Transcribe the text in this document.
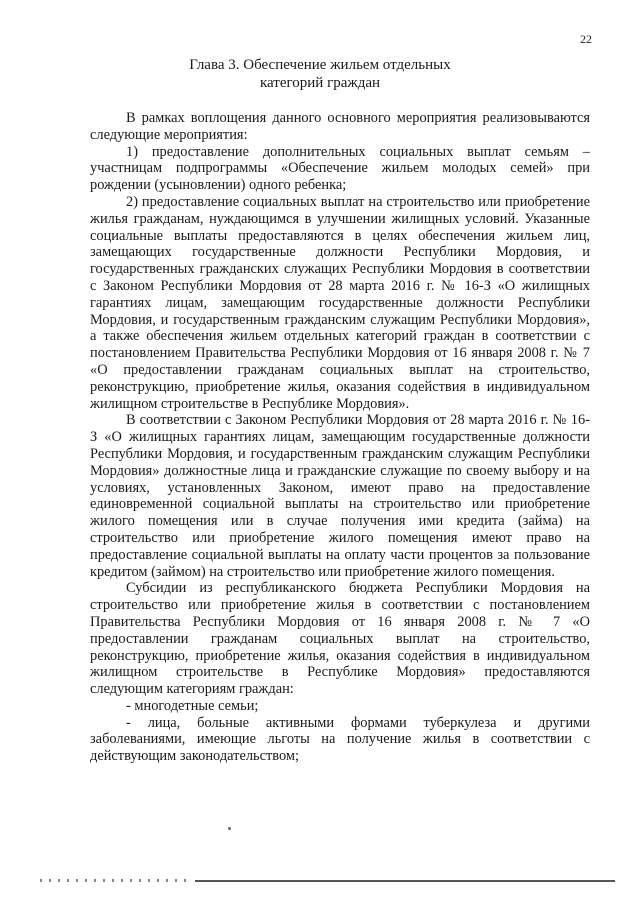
22
Глава 3. Обеспечение жильем отдельных
категорий граждан

В рамках воплощения данного основного мероприятия реализовываются следующие мероприятия:

1) предоставление дополнительных социальных выплат семьям – участницам подпрограммы «Обеспечение жильем молодых семей» при рождении (усыновлении) одного ребенка;

2) предоставление социальных выплат на строительство или приобретение жилья гражданам, нуждающимся в улучшении жилищных условий. Указанные социальные выплаты предоставляются в целях обеспечения жильем лиц, замещающих государственные должности Республики Мордовия, и государственных гражданских служащих Республики Мордовия в соответствии с Законом Республики Мордовия от 28 марта 2016 г. № 16-З «О жилищных гарантиях лицам, замещающим государственные должности Республики Мордовия, и государственным гражданским служащим Республики Мордовия», а также обеспечения жильем отдельных категорий граждан в соответствии с постановлением Правительства Республики Мордовия от 16 января 2008 г. № 7 «О предоставлении гражданам социальных выплат на строительство, реконструкцию, приобретение жилья, оказания содействия в индивидуальном жилищном строительстве в Республике Мордовия».

В соответствии с Законом Республики Мордовия от 28 марта 2016 г. № 16-З «О жилищных гарантиях лицам, замещающим государственные должности Республики Мордовия, и государственным гражданским служащим Республики Мордовия» должностные лица и гражданские служащие по своему выбору и на условиях, установленных Законом, имеют право на предоставление единовременной социальной выплаты на строительство или приобретение жилого помещения или в случае получения ими кредита (займа) на строительство или приобретение жилого помещения имеют право на предоставление социальной выплаты на оплату части процентов за пользование кредитом (займом) на строительство или приобретение жилого помещения.

Субсидии из республиканского бюджета Республики Мордовия на строительство или приобретение жилья в соответствии с постановлением Правительства Республики Мордовия от 16 января 2008 г. № 7 «О предоставлении гражданам социальных выплат на строительство, реконструкцию, приобретение жилья, оказания содействия в индивидуальном жилищном строительстве в Республике Мордовия» предоставляются следующим категориям граждан:

- многодетные семьи;

- лица, больные активными формами туберкулеза и другими заболеваниями, имеющие льготы на получение жилья в соответствии с действующим законодательством;
